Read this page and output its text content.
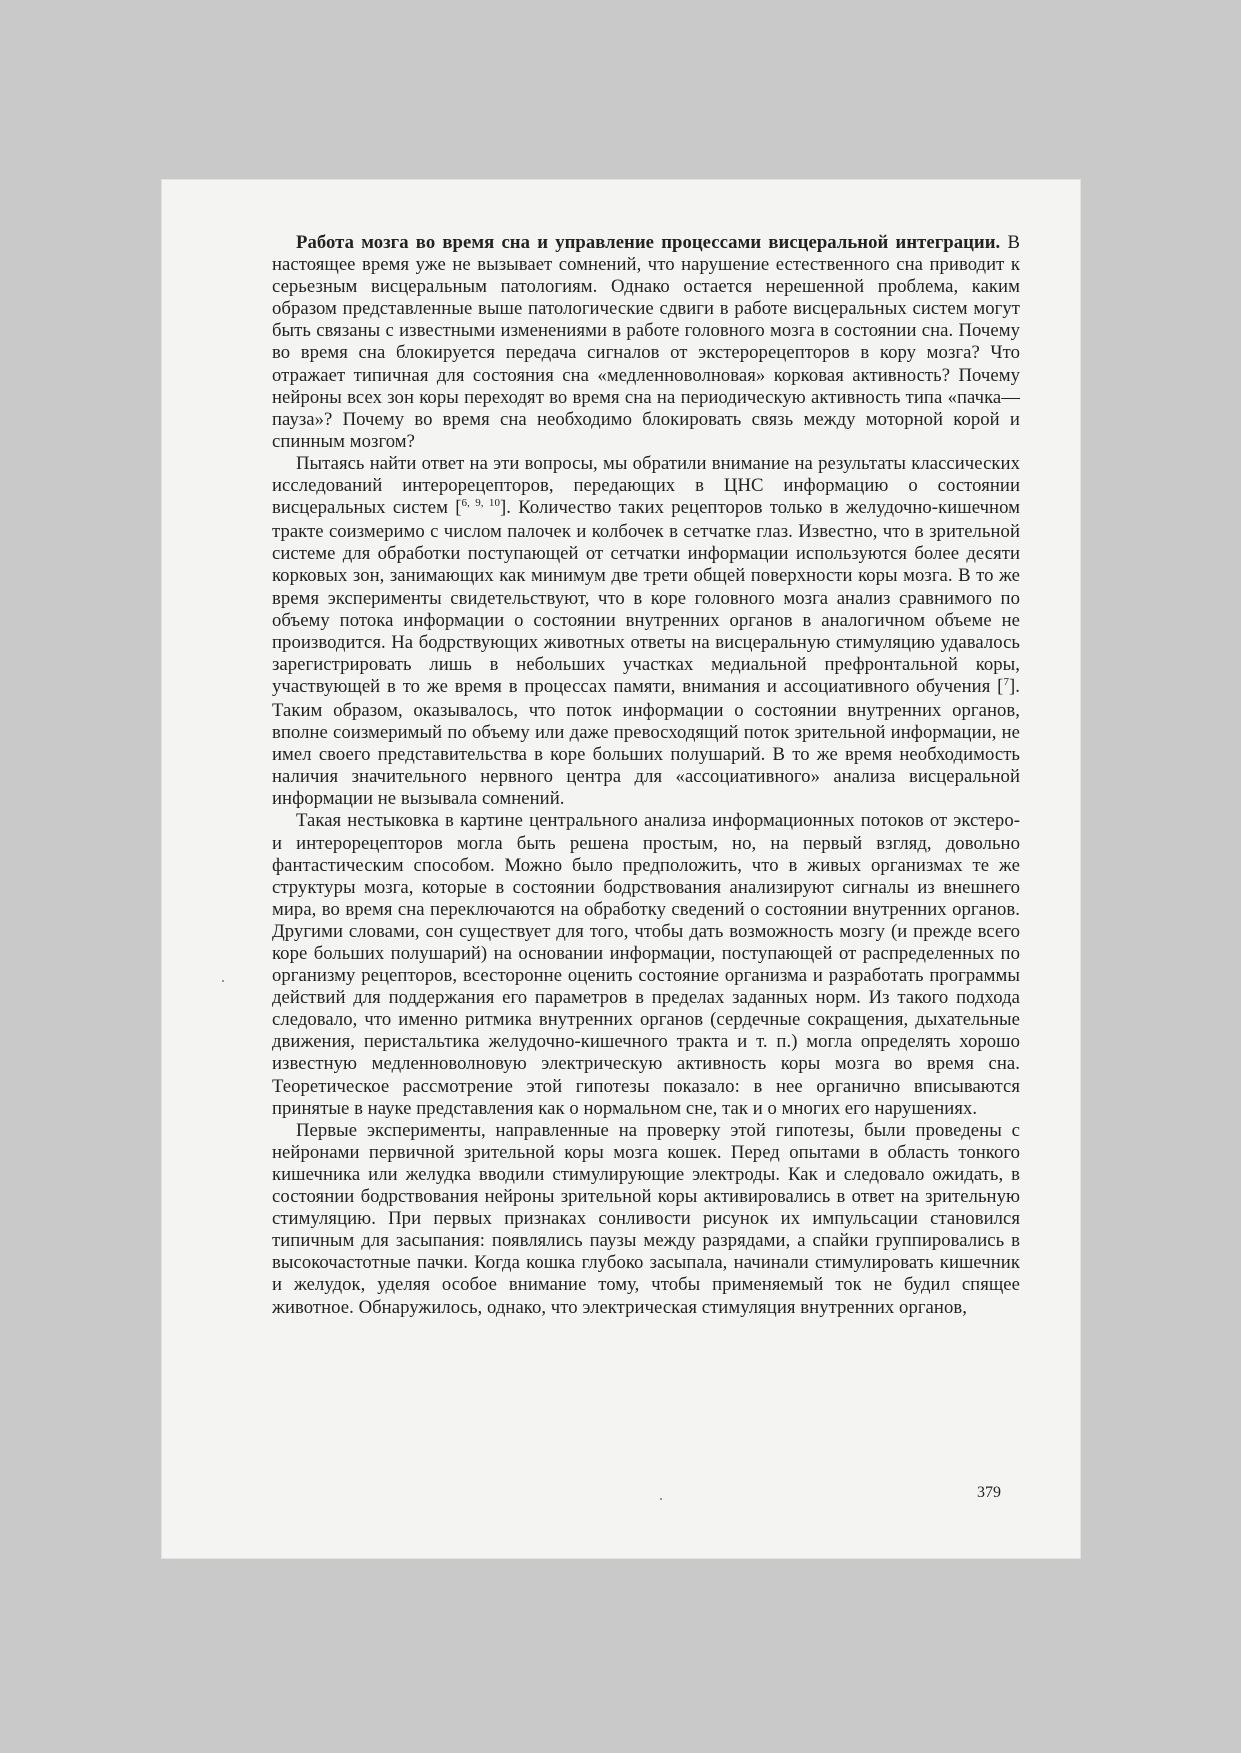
Работа мозга во время сна и управление процессами висцеральной интеграции. В настоящее время уже не вызывает сомнений, что нарушение естественного сна приводит к серьезным висцеральным патологиям. Однако остается нерешенной проблема, каким образом представленные выше патологические сдвиги в работе висцеральных систем могут быть связаны с известными изменениями в работе головного мозга в состоянии сна. Почему во время сна блокируется передача сигналов от экстерорецепторов в кору мозга? Что отражает типичная для состояния сна «медленноволновая» корковая активность? Почему нейроны всех зон коры переходят во время сна на периодическую активность типа «пачка—пауза»? Почему во время сна необходимо блокировать связь между моторной корой и спинным мозгом?

Пытаясь найти ответ на эти вопросы, мы обратили внимание на результаты классических исследований интерорецепторов, передающих в ЦНС информацию о состоянии висцеральных систем [$^{6, 9, 10}$]. Количество таких рецепторов только в желудочно-кишечном тракте соизмеримо с числом палочек и колбочек в сетчатке глаз. Известно, что в зрительной системе для обработки поступающей от сетчатки информации используются более десяти корковых зон, занимающих как минимум две трети общей поверхности коры мозга. В то же время эксперименты свидетельствуют, что в коре головного мозга анализ сравнимого по объему потока информации о состоянии внутренних органов в аналогичном объеме не производится. На бодрствующих животных ответы на висцеральную стимуляцию удавалось зарегистрировать лишь в небольших участках медиальной префронтальной коры, участвующей в то же время в процессах памяти, внимания и ассоциативного обучения [$^7$]. Таким образом, оказывалось, что поток информации о состоянии внутренних органов, вполне соизмеримый по объему или даже превосходящий поток зрительной информации, не имел своего представительства в коре больших полушарий. В то же время необходимость наличия значительного нервного центра для «ассоциативного» анализа висцеральной информации не вызывала сомнений.

Такая нестыковка в картине центрального анализа информационных потоков от экстеро- и интерорецепторов могла быть решена простым, но, на первый взгляд, довольно фантастическим способом. Можно было предположить, что в живых организмах те же структуры мозга, которые в состоянии бодрствования анализируют сигналы из внешнего мира, во время сна переключаются на обработку сведений о состоянии внутренних органов. Другими словами, сон существует для того, чтобы дать возможность мозгу (и прежде всего коре больших полушарий) на основании информации, поступающей от распределенных по организму рецепторов, всесторонне оценить состояние организма и разработать программы действий для поддержания его параметров в пределах заданных норм. Из такого подхода следовало, что именно ритмика внутренних органов (сердечные сокращения, дыхательные движения, перистальтика желудочно-кишечного тракта и т. п.) могла определять хорошо известную медленноволновую электрическую активность коры мозга во время сна. Теоретическое рассмотрение этой гипотезы показало: в нее органично вписываются принятые в науке представления как о нормальном сне, так и о многих его нарушениях.

Первые эксперименты, направленные на проверку этой гипотезы, были проведены с нейронами первичной зрительной коры мозга кошек. Перед опытами в область тонкого кишечника или желудка вводили стимулирующие электроды. Как и следовало ожидать, в состоянии бодрствования нейроны зрительной коры активировались в ответ на зрительную стимуляцию. При первых признаках сонливости рисунок их импульсации становился типичным для засыпания: появлялись паузы между разрядами, а спайки группировались в высокочастотные пачки. Когда кошка глубоко засыпала, начинали стимулировать кишечник и желудок, уделяя особое внимание тому, чтобы применяемый ток не будил спящее животное. Обнаружилось, однако, что электрическая стимуляция внутренних органов,

379
